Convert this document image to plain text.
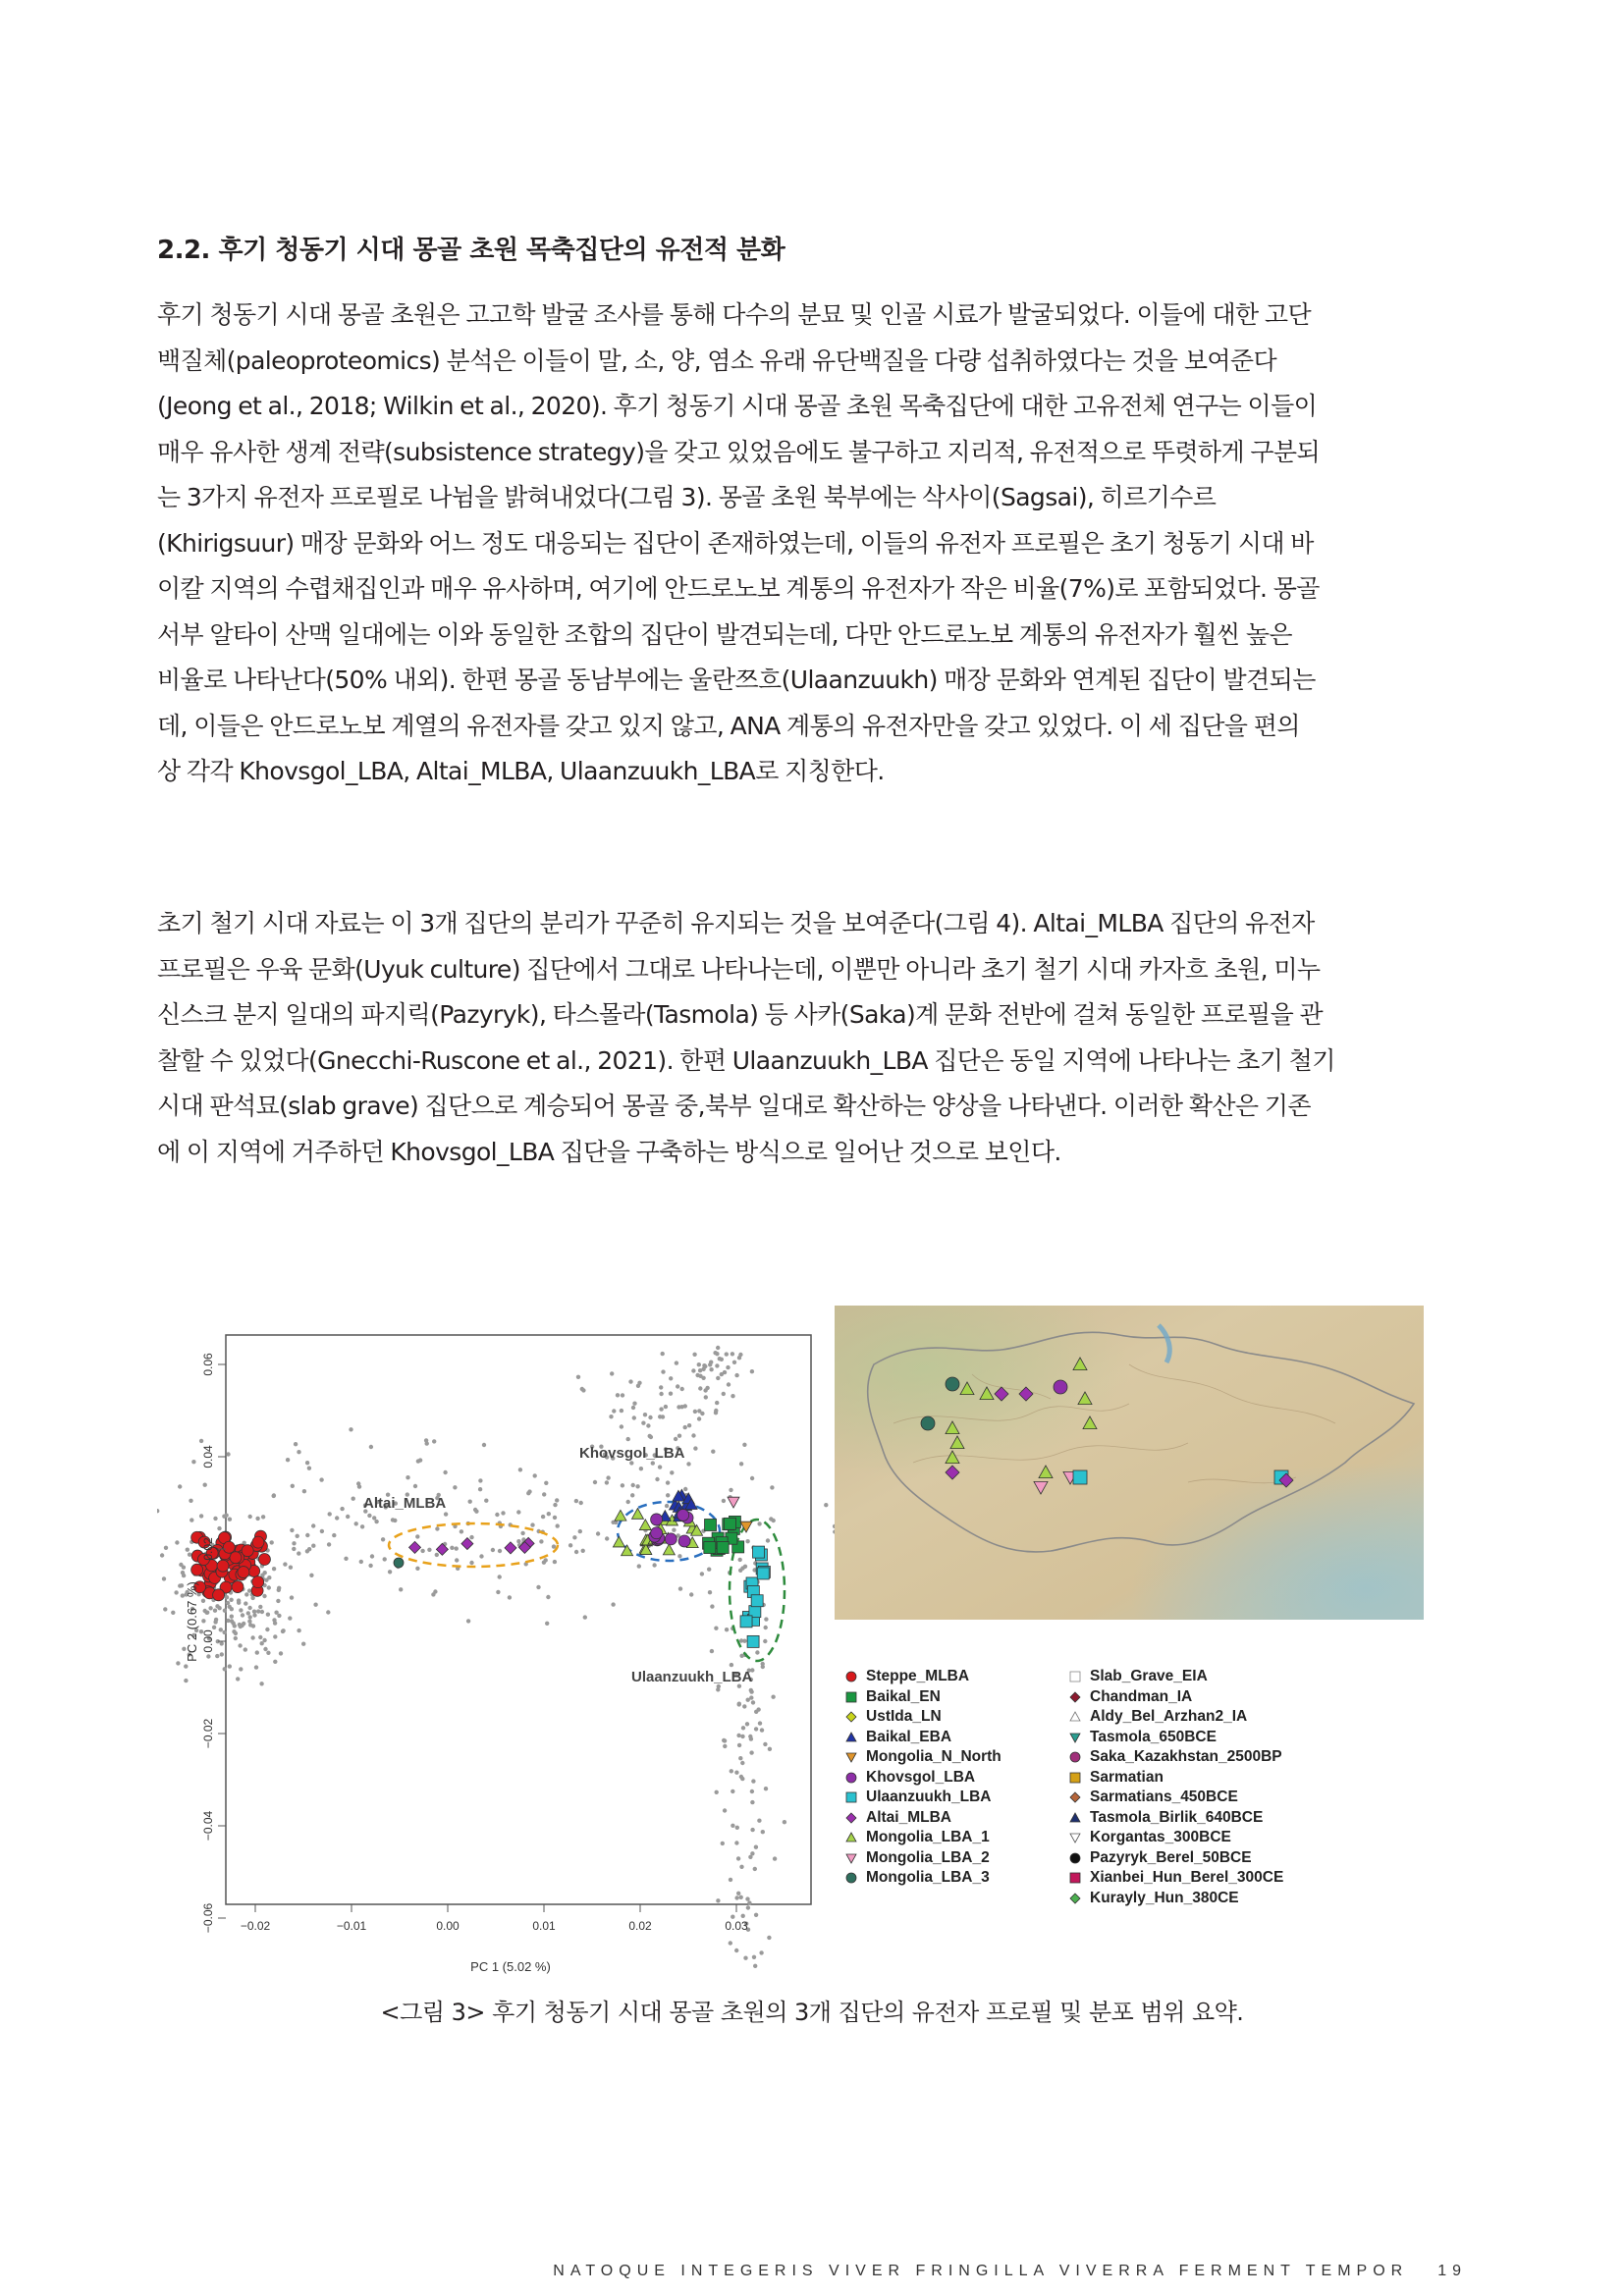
2.2. 후기 청동기 시대 몽골 초원 목축집단의 유전적 분화

후기 청동기 시대 몽골 초원은 고고학 발굴 조사를 통해 다수의 분묘 및 인골 시료가 발굴되었다. 이들에 대한 고단
백질체(paleoproteomics) 분석은 이들이 말, 소, 양, 염소 유래 유단백질을 다량 섭취하였다는 것을 보여준다
(Jeong et al., 2018; Wilkin et al., 2020). 후기 청동기 시대 몽골 초원 목축집단에 대한 고유전체 연구는 이들이
매우 유사한 생계 전략(subsistence strategy)을 갖고 있었음에도 불구하고 지리적, 유전적으로 뚜렷하게 구분되
는 3가지 유전자 프로필로 나뉨을 밝혀내었다(그림 3). 몽골 초원 북부에는 삭사이(Sagsai), 히르기수르
(Khirigsuur) 매장 문화와 어느 정도 대응되는 집단이 존재하였는데, 이들의 유전자 프로필은 초기 청동기 시대 바
이칼 지역의 수렵채집인과 매우 유사하며, 여기에 안드로노보 계통의 유전자가 작은 비율(7%)로 포함되었다. 몽골
서부 알타이 산맥 일대에는 이와 동일한 조합의 집단이 발견되는데, 다만 안드로노보 계통의 유전자가 훨씬 높은
비율로 나타난다(50% 내외). 한편 몽골 동남부에는 울란쯔흐(Ulaanzuukh) 매장 문화와 연계된 집단이 발견되는
데, 이들은 안드로노보 계열의 유전자를 갖고 있지 않고, ANA 계통의 유전자만을 갖고 있었다. 이 세 집단을 편의
상 각각 Khovsgol_LBA, Altai_MLBA, Ulaanzuukh_LBA로 지칭한다.

초기 철기 시대 자료는 이 3개 집단의 분리가 꾸준히 유지되는 것을 보여준다(그림 4). Altai_MLBA 집단의 유전자
프로필은 우육 문화(Uyuk culture) 집단에서 그대로 나타나는데, 이뿐만 아니라 초기 철기 시대 카자흐 초원, 미누
신스크 분지 일대의 파지릭(Pazyryk), 타스몰라(Tasmola) 등 사카(Saka)계 문화 전반에 걸쳐 동일한 프로필을 관
찰할 수 있었다(Gnecchi-Ruscone et al., 2021). 한편 Ulaanzuukh_LBA 집단은 동일 지역에 나타나는 초기 철기
시대 판석묘(slab grave) 집단으로 계승되어 몽골 중,북부 일대로 확산하는 양상을 나타낸다. 이러한 확산은 기존
에 이 지역에 거주하던 Khovsgol_LBA 집단을 구축하는 방식으로 일어난 것으로 보인다.

Altai_MLBA
Khovsgol_LBA
Ulaanzuukh_LBA
−0.02	−0.01	0.00	0.01	0.02	0.03
0.06
0.04
0.02
0.00
−0.02
−0.04
−0.06
PC 1 (5.02 %)
PC 2 (0.67 %)
Steppe_MLBA
Baikal_EN
UstIda_LN
Baikal_EBA
Mongolia_N_North
Khovsgol_LBA
Ulaanzuukh_LBA
Altai_MLBA
Mongolia_LBA_1
Mongolia_LBA_2
Mongolia_LBA_3
Slab_Grave_EIA
Chandman_IA
Aldy_Bel_Arzhan2_IA
Tasmola_650BCE
Saka_Kazakhstan_2500BP
Sarmatian
Sarmatians_450BCE
Tasmola_Birlik_640BCE
Korgantas_300BCE
Pazyryk_Berel_50BCE
Xianbei_Hun_Berel_300CE
Kurayly_Hun_380CE
<그림 3> 후기 청동기 시대 몽골 초원의 3개 집단의 유전자 프로필 및 분포 범위 요약.
NATOQUE INTEGERIS VIVER FRINGILLA VIVERRA FERMENT TEMPOR 19
